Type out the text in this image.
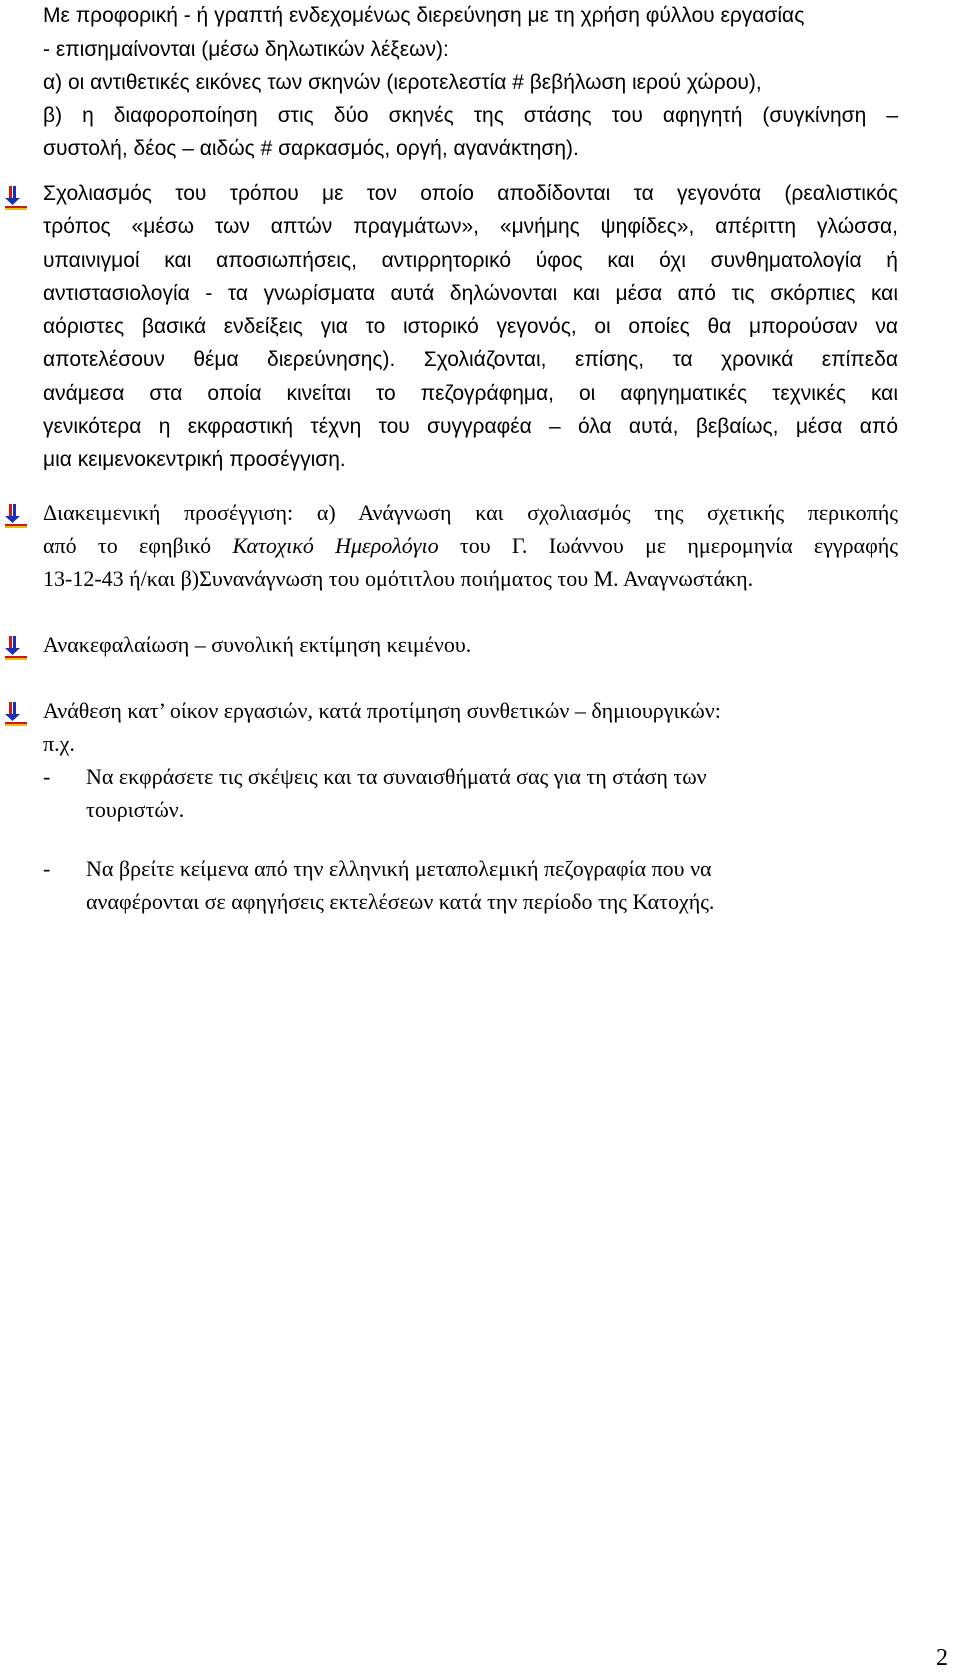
Με προφορική - ή γραπτή ενδεχομένως διερεύνηση με τη χρήση φύλλου εργασίας
- επισημαίνονται (μέσω δηλωτικών λέξεων):
α) οι αντιθετικές εικόνες των σκηνών (ιεροτελεστία # βεβήλωση ιερού χώρου),
β) η διαφοροποίηση στις δύο σκηνές της στάσης του αφηγητή (συγκίνηση –
συστολή, δέος – αιδώς # σαρκασμός, οργή, αγανάκτηση).
Σχολιασμός του τρόπου με τον οποίο αποδίδονται τα γεγονότα (ρεαλιστικός
τρόπος «μέσω των απτών πραγμάτων», «μνήμης ψηφίδες», απέριττη γλώσσα,
υπαινιγμοί και αποσιωπήσεις, αντιρρητορικό ύφος και όχι συνθηματολογία ή
αντιστασιολογία - τα γνωρίσματα αυτά δηλώνονται και μέσα από τις σκόρπιες και
αόριστες βασικά ενδείξεις για το ιστορικό γεγονός, οι οποίες θα μπορούσαν να
αποτελέσουν θέμα διερεύνησης). Σχολιάζονται, επίσης, τα χρονικά επίπεδα
ανάμεσα στα οποία κινείται το πεζογράφημα, οι αφηγηματικές τεχνικές και
γενικότερα η εκφραστική τέχνη του συγγραφέα – όλα αυτά, βεβαίως, μέσα από
μια κειμενοκεντρική προσέγγιση.
Διακειμενική προσέγγιση: α) Ανάγνωση και σχολιασμός της σχετικής περικοπής
από το εφηβικό Κατοχικό Ημερολόγιο του Γ. Ιωάννου με ημερομηνία εγγραφής
13-12-43 ή/και β)Συνανάγνωση του ομότιτλου ποιήματος του Μ. Αναγνωστάκη.
Ανακεφαλαίωση – συνολική εκτίμηση κειμένου.
Ανάθεση κατ’ οίκον εργασιών, κατά προτίμηση συνθετικών – δημιουργικών:
π.χ.
- Να εκφράσετε τις σκέψεις και τα συναισθήματά σας για τη στάση των
τουριστών.
- Να βρείτε κείμενα από την ελληνική μεταπολεμική πεζογραφία που να
αναφέρονται σε αφηγήσεις εκτελέσεων κατά την περίοδο της Κατοχής.
2
